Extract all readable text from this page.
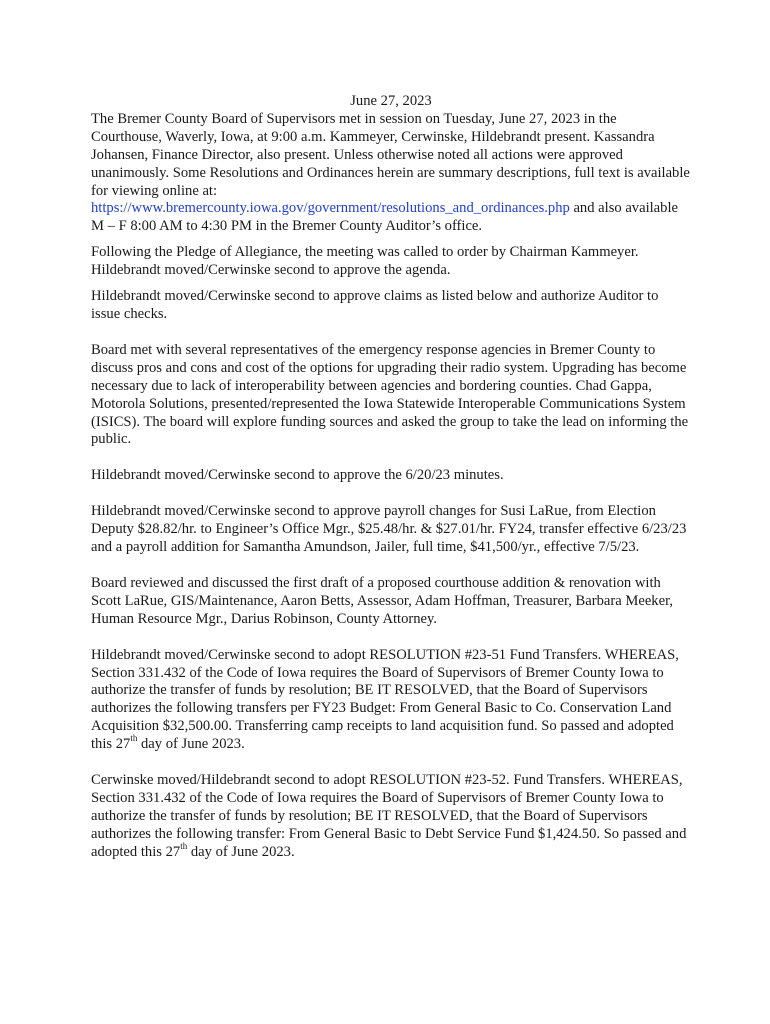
June 27, 2023

The Bremer County Board of Supervisors met in session on Tuesday, June 27, 2023 in the Courthouse, Waverly, Iowa, at 9:00 a.m. Kammeyer, Cerwinske, Hildebrandt present. Kassandra Johansen, Finance Director, also present. Unless otherwise noted all actions were approved unanimously. Some Resolutions and Ordinances herein are summary descriptions, full text is available for viewing online at:
https://www.bremercounty.iowa.gov/government/resolutions_and_ordinances.php and also available M – F 8:00 AM to 4:30 PM in the Bremer County Auditor’s office.

Following the Pledge of Allegiance, the meeting was called to order by Chairman Kammeyer. Hildebrandt moved/Cerwinske second to approve the agenda.

Hildebrandt moved/Cerwinske second to approve claims as listed below and authorize Auditor to issue checks.

Board met with several representatives of the emergency response agencies in Bremer County to discuss pros and cons and cost of the options for upgrading their radio system. Upgrading has become necessary due to lack of interoperability between agencies and bordering counties. Chad Gappa, Motorola Solutions, presented/represented the Iowa Statewide Interoperable Communications System (ISICS). The board will explore funding sources and asked the group to take the lead on informing the public.

Hildebrandt moved/Cerwinske second to approve the 6/20/23 minutes.

Hildebrandt moved/Cerwinske second to approve payroll changes for Susi LaRue, from Election Deputy $28.82/hr. to Engineer’s Office Mgr., $25.48/hr. & $27.01/hr. FY24, transfer effective 6/23/23 and a payroll addition for Samantha Amundson, Jailer, full time, $41,500/yr., effective 7/5/23.

Board reviewed and discussed the first draft of a proposed courthouse addition & renovation with Scott LaRue, GIS/Maintenance, Aaron Betts, Assessor, Adam Hoffman, Treasurer, Barbara Meeker, Human Resource Mgr., Darius Robinson, County Attorney.

Hildebrandt moved/Cerwinske second to adopt RESOLUTION #23-51 Fund Transfers. WHEREAS, Section 331.432 of the Code of Iowa requires the Board of Supervisors of Bremer County Iowa to authorize the transfer of funds by resolution; BE IT RESOLVED, that the Board of Supervisors authorizes the following transfers per FY23 Budget: From General Basic to Co. Conservation Land Acquisition $32,500.00. Transferring camp receipts to land acquisition fund. So passed and adopted this 27th day of June 2023.

Cerwinske moved/Hildebrandt second to adopt RESOLUTION #23-52. Fund Transfers. WHEREAS, Section 331.432 of the Code of Iowa requires the Board of Supervisors of Bremer County Iowa to authorize the transfer of funds by resolution; BE IT RESOLVED, that the Board of Supervisors authorizes the following transfer: From General Basic to Debt Service Fund $1,424.50. So passed and adopted this 27th day of June 2023.
